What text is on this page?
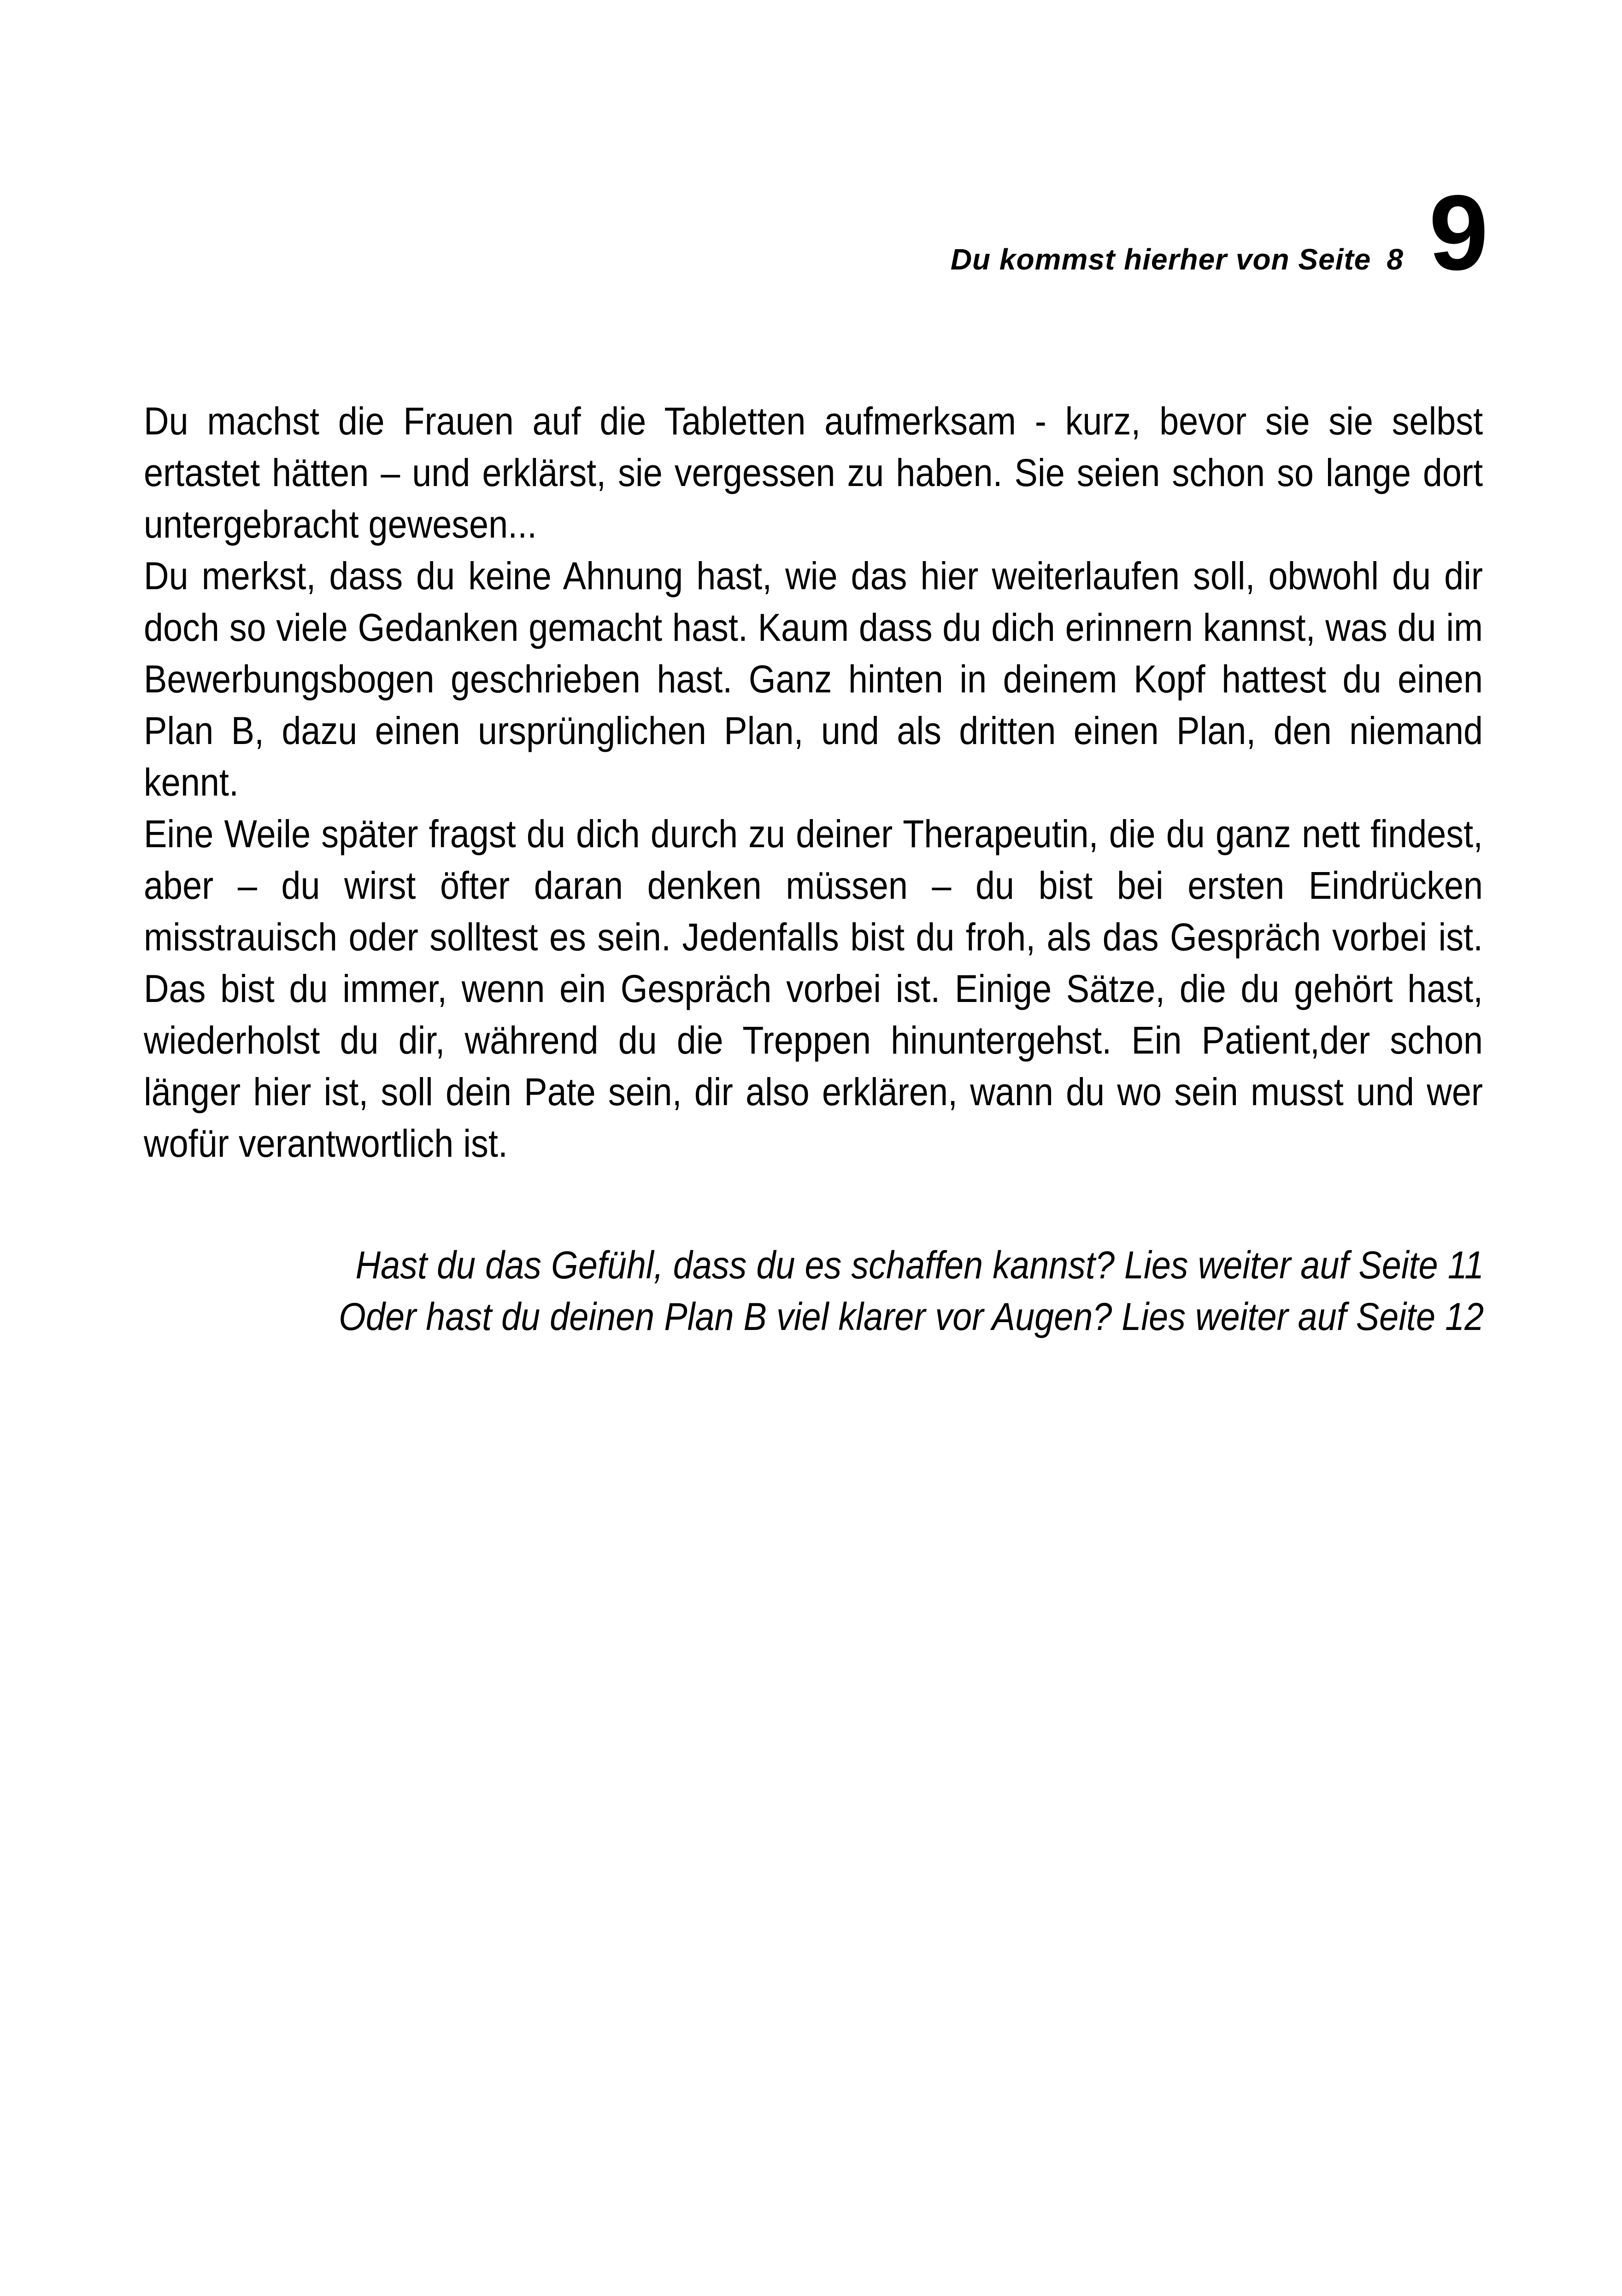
Du kommst hierher von Seite 8 9

Du machst die Frauen auf die Tabletten aufmerksam - kurz, bevor sie sie selbst ertastet hätten – und erklärst, sie vergessen zu haben. Sie seien schon so lange dort untergebracht gewesen...

Du merkst, dass du keine Ahnung hast, wie das hier weiterlaufen soll, obwohl du dir doch so viele Gedanken gemacht hast. Kaum dass du dich erinnern kannst, was du im Bewerbungsbogen geschrieben hast. Ganz hinten in deinem Kopf hattest du einen Plan B, dazu einen ursprünglichen Plan, und als dritten einen Plan, den niemand kennt.

Eine Weile später fragst du dich durch zu deiner Therapeutin, die du ganz nett findest, aber – du wirst öfter daran denken müssen – du bist bei ersten Eindrücken misstrauisch oder solltest es sein. Jedenfalls bist du froh, als das Gespräch vorbei ist. Das bist du immer, wenn ein Gespräch vorbei ist. Einige Sätze, die du gehört hast, wiederholst du dir, während du die Treppen hinuntergehst. Ein Patient,der schon länger hier ist, soll dein Pate sein, dir also erklären, wann du wo sein musst und wer wofür verantwortlich ist.

Hast du das Gefühl, dass du es schaffen kannst? Lies weiter auf Seite 11
Oder hast du deinen Plan B viel klarer vor Augen? Lies weiter auf Seite 12
